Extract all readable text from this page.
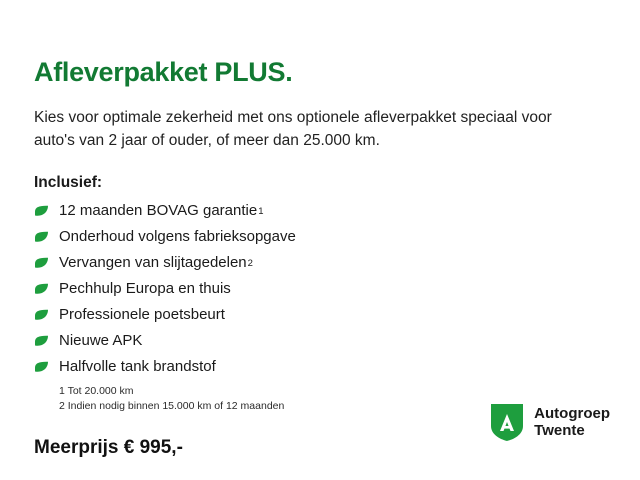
Afleverpakket PLUS.

Kies voor optimale zekerheid met ons optionele afleverpakket speciaal voor auto's van 2 jaar of ouder, of meer dan 25.000 km.

Inclusief:
12 maanden BOVAG garantie 1
Onderhoud volgens fabrieksopgave
Vervangen van slijtagedelen 2
Pechhulp Europa en thuis
Professionele poetsbeurt
Nieuwe APK
Halfvolle tank brandstof
1 Tot 20.000 km
2 Indien nodig binnen 15.000 km of 12 maanden
Meerprijs € 995,-
Autogroep
Twente
